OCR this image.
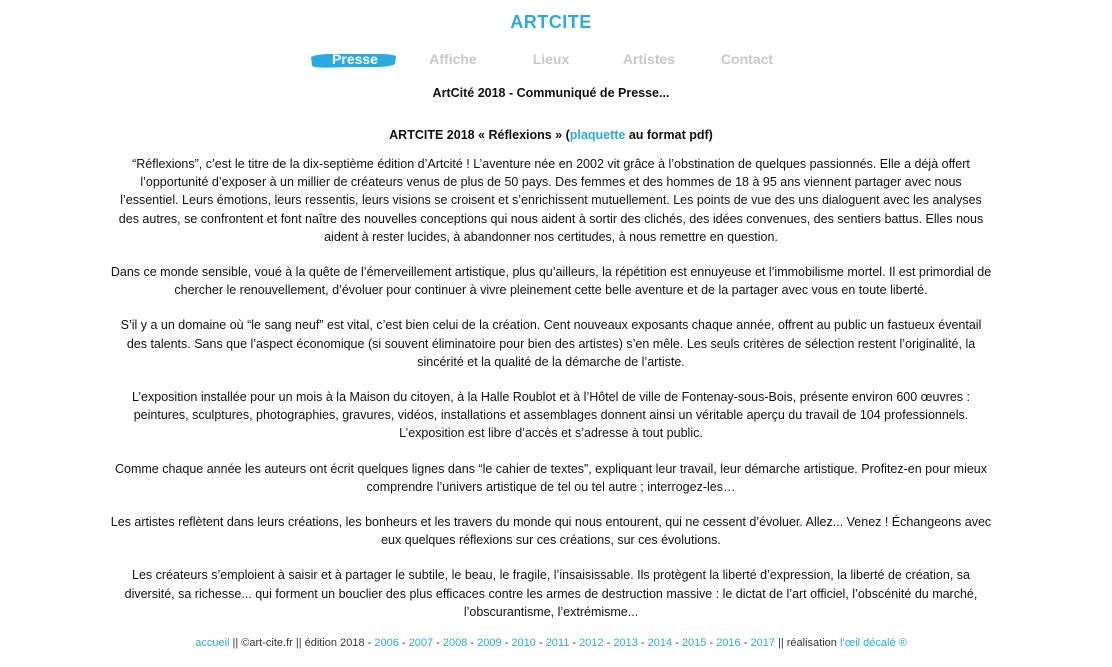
ARTCITE
Presse	Affiche	Lieux	Artistes	Contact
ArtCité 2018 - Communiqué de Presse...
ARTCITE 2018 « Réflexions » (plaquette au format pdf)

“Réflexions”, c’est le titre de la dix-septième édition d’Artcité ! L’aventure née en 2002 vit grâce à l’obstination de quelques passionnés. Elle a déjà offert l’opportunité d’exposer à un millier de créateurs venus de plus de 50 pays. Des femmes et des hommes de 18 à 95 ans viennent partager avec nous l’essentiel. Leurs émotions, leurs ressentis, leurs visions se croisent et s’enrichissent mutuellement. Les points de vue des uns dialoguent avec les analyses des autres, se confrontent et font naître des nouvelles conceptions qui nous aident à sortir des clichés, des idées convenues, des sentiers battus. Elles nous aident à rester lucides, à abandonner nos certitudes, à nous remettre en question.

Dans ce monde sensible, voué à la quête de l’émerveillement artistique, plus qu’ailleurs, la répétition est ennuyeuse et l’immobilisme mortel. Il est primordial de chercher le renouvellement, d’évoluer pour continuer à vivre pleinement cette belle aventure et de la partager avec vous en toute liberté.

S’il y a un domaine où “le sang neuf” est vital, c’est bien celui de la création. Cent nouveaux exposants chaque année, offrent au public un fastueux éventail des talents. Sans que l’aspect économique (si souvent éliminatoire pour bien des artistes) s’en mêle. Les seuls critères de sélection restent l’originalité, la sincérité et la qualité de la démarche de l’artiste.

L’exposition installée pour un mois à la Maison du citoyen, à la Halle Roublot et à l’Hôtel de ville de Fontenay-sous-Bois, présente environ 600 œuvres : peintures, sculptures, photographies, gravures, vidéos, installations et assemblages donnent ainsi un véritable aperçu du travail de 104 professionnels. L’exposition est libre d’accès et s’adresse à tout public.

Comme chaque année les auteurs ont écrit quelques lignes dans “le cahier de textes”, expliquant leur travail, leur démarche artistique. Profitez-en pour mieux comprendre l’univers artistique de tel ou tel autre ; interrogez-les…

Les artistes reflètent dans leurs créations, les bonheurs et les travers du monde qui nous entourent, qui ne cessent d’évoluer. Allez... Venez ! Échangeons avec eux quelques réflexions sur ces créations, sur ces évolutions.

Les créateurs s’emploient à saisir et à partager le subtile, le beau, le fragile, l’insaisissable. Ils protègent la liberté d’expression, la liberté de création, sa diversité, sa richesse... qui forment un bouclier des plus efficaces contre les armes de destruction massive : le dictat de l’art officiel, l’obscénité du marché, l’obscurantisme, l’extrémisme...

accueil || ©art-cite.fr || édition 2018 - 2006 - 2007 - 2008 - 2009 - 2010 - 2011 - 2012 - 2013 - 2014 - 2015 - 2016 - 2017 || réalisation l’œil décalé ®
